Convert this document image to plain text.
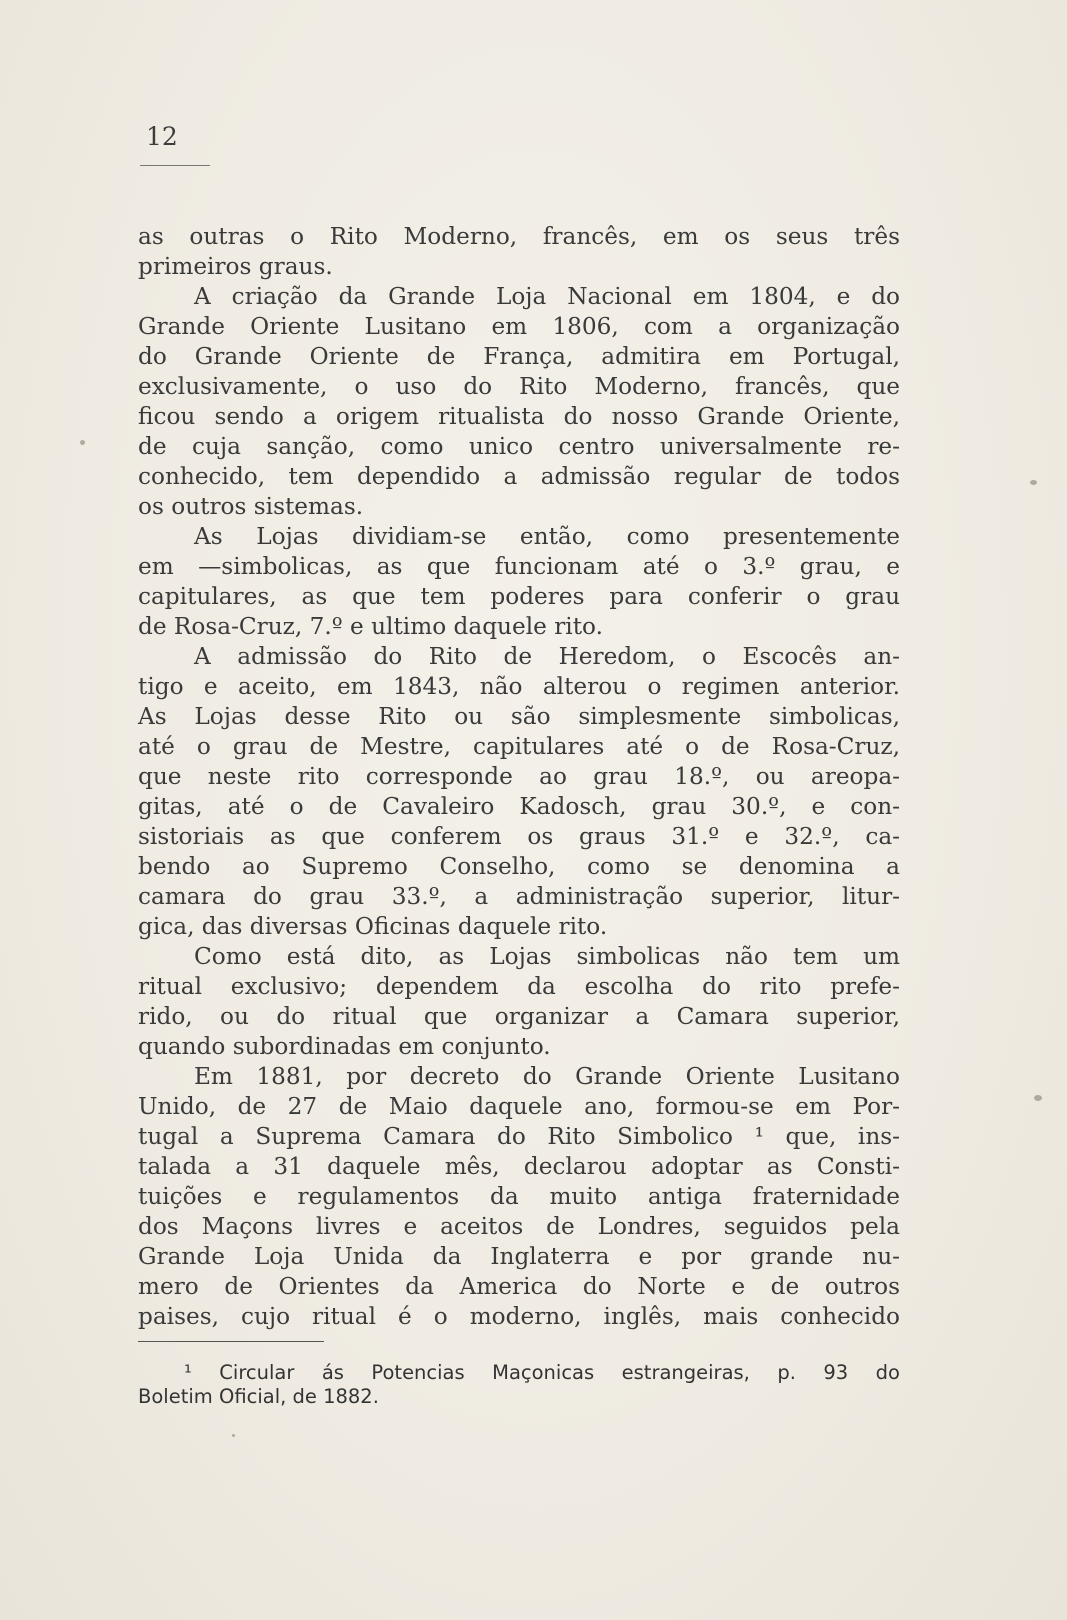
12
as outras o Rito Moderno, francês, em os seus três
primeiros graus.
A criação da Grande Loja Nacional em 1804, e do
Grande Oriente Lusitano em 1806, com a organização
do Grande Oriente de França, admitira em Portugal,
exclusivamente, o uso do Rito Moderno, francês, que
ficou sendo a origem ritualista do nosso Grande Oriente,
de cuja sanção, como unico centro universalmente re-
conhecido, tem dependido a admissão regular de todos
os outros sistemas.
As Lojas dividiam-se então, como presentemente
em —simbolicas, as que funcionam até o 3.º grau, e
capitulares, as que tem poderes para conferir o grau
de Rosa-Cruz, 7.º e ultimo daquele rito.
A admissão do Rito de Heredom, o Escocês an-
tigo e aceito, em 1843, não alterou o regimen anterior.
As Lojas desse Rito ou são simplesmente simbolicas,
até o grau de Mestre, capitulares até o de Rosa-Cruz,
que neste rito corresponde ao grau 18.º, ou areopa-
gitas, até o de Cavaleiro Kadosch, grau 30.º, e con-
sistoriais as que conferem os graus 31.º e 32.º, ca-
bendo ao Supremo Conselho, como se denomina a
camara do grau 33.º, a administração superior, litur-
gica, das diversas Oficinas daquele rito.
Como está dito, as Lojas simbolicas não tem um
ritual exclusivo; dependem da escolha do rito prefe-
rido, ou do ritual que organizar a Camara superior,
quando subordinadas em conjunto.
Em 1881, por decreto do Grande Oriente Lusitano
Unido, de 27 de Maio daquele ano, formou-se em Por-
tugal a Suprema Camara do Rito Simbolico ¹ que, ins-
talada a 31 daquele mês, declarou adoptar as Consti-
tuições e regulamentos da muito antiga fraternidade
dos Maçons livres e aceitos de Londres, seguidos pela
Grande Loja Unida da Inglaterra e por grande nu-
mero de Orientes da America do Norte e de outros
paises, cujo ritual é o moderno, inglês, mais conhecido
¹ Circular ás Potencias Maçonicas estrangeiras, p. 93 do
Boletim Oficial, de 1882.
